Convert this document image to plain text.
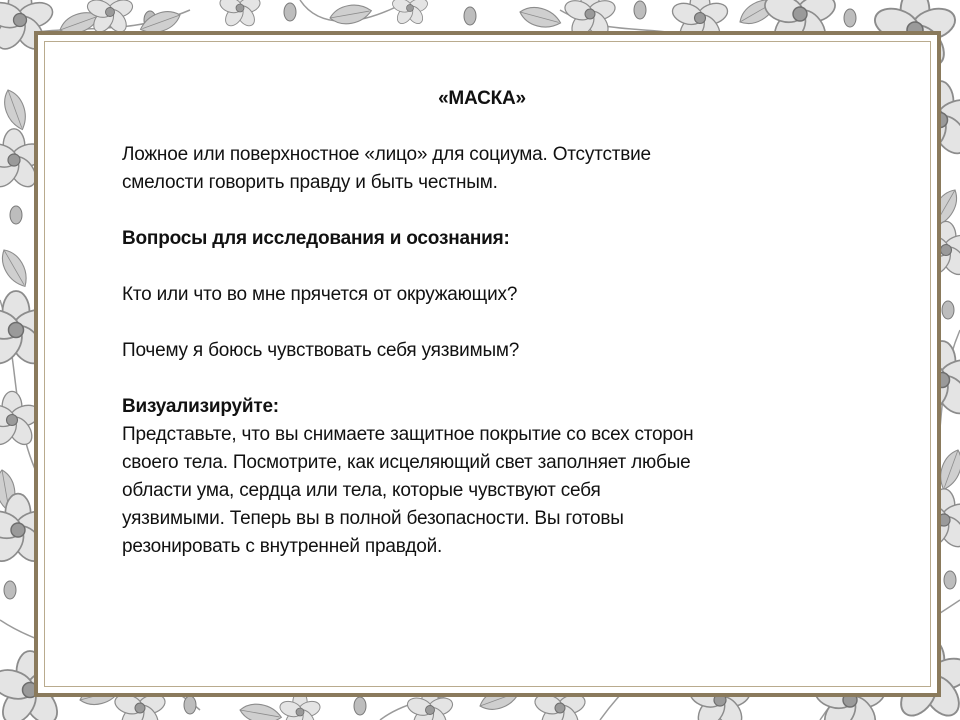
«МАСКА»

Ложное или поверхностное «лицо» для социума. Отсутствие

смелости говорить правду и быть честным.

Вопросы для исследования и осознания:

Кто или что во мне прячется от окружающих?

Почему я боюсь чувствовать себя уязвимым?

Визуализируйте:

Представьте, что вы снимаете защитное покрытие со всех сторон

своего тела. Посмотрите, как исцеляющий свет заполняет любые

области ума, сердца или тела, которые чувствуют себя

уязвимыми. Теперь вы в полной безопасности. Вы готовы

резонировать с внутренней правдой.
